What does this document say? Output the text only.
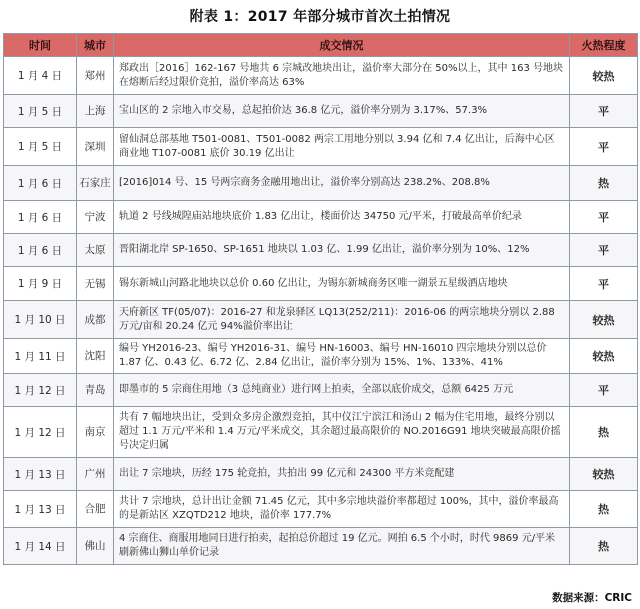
附表 1：2017 年部分城市首次土拍情况
时间	城市	成交情况	火热程度
1 月 4 日	郑州	郑政出［2016］162-167 号地共 6 宗城改地块出让，溢价率大部分在 50%以上，其中 163 号地块在熔断后经过限价竞拍，溢价率高达 63%	较热
1 月 5 日	上海	宝山区的 2 宗地入市交易，总起拍价达 36.8 亿元，溢价率分别为 3.17%、57.3%	平
1 月 5 日	深圳	留仙洞总部基地 T501-0081、T501-0082 两宗工用地分别以 3.94 亿和 7.4 亿出让，后海中心区商业地 T107-0081 底价 30.19 亿出让	平
1 月 6 日	石家庄	[2016]014 号、15 号两宗商务金融用地出让，溢价率分别高达 238.2%、208.8%	热
1 月 6 日	宁波	轨道 2 号线城隍庙站地块底价 1.83 亿出让，楼面价达 34750 元/平米，打破最高单价纪录	平
1 月 6 日	太原	晋阳湖北岸 SP-1650、SP-1651 地块以 1.03 亿、1.99 亿出让，溢价率分别为 10%、12%	平
1 月 9 日	无锡	锡东新城山河路北地块以总价 0.60 亿出让，为锡东新城商务区唯一湖景五星级酒店地块	平
1 月 10 日	成都	天府新区 TF(05/07)：2016-27 和龙泉驿区 LQ13(252/211)：2016-06 的两宗地块分别以 2.88 万元/亩和 20.24 亿元 94%溢价率出让	较热
1 月 11 日	沈阳	编号 YH2016-23、编号 YH2016-31、编号 HN-16003、编号 HN-16010 四宗地块分别以总价 1.87 亿、0.43 亿、6.72 亿、2.84 亿出让，溢价率分别为 15%、1%、133%、41%	较热
1 月 12 日	青岛	即墨市的 5 宗商住用地（3 总纯商业）进行网上拍卖，全部以底价成交，总额 6425 万元	平
1 月 12 日	南京	共有 7 幅地块出让，受到众多房企激烈竞拍，其中仪江宁滨江和汤山 2 幅为住宅用地，最终分别以超过 1.1 万元/平米和 1.4 万元/平米成交，其余超过最高限价的 NO.2016G91 地块突破最高限价摇号决定归属	热
1 月 13 日	广州	出让 7 宗地块，历经 175 轮竞拍，共拍出 99 亿元和 24300 平方米竞配建	较热
1 月 13 日	合肥	共计 7 宗地块，总计出让金额 71.45 亿元，其中多宗地块溢价率都超过 100%，其中，溢价率最高的是新站区 XZQTD212 地块，溢价率 177.7%	热
1 月 14 日	佛山	4 宗商住、商服用地同日进行拍卖，起拍总价超过 19 亿元。网拍 6.5 个小时，时代 9869 元/平米刷新佛山狮山单价记录	热
数据来源：CRIC
